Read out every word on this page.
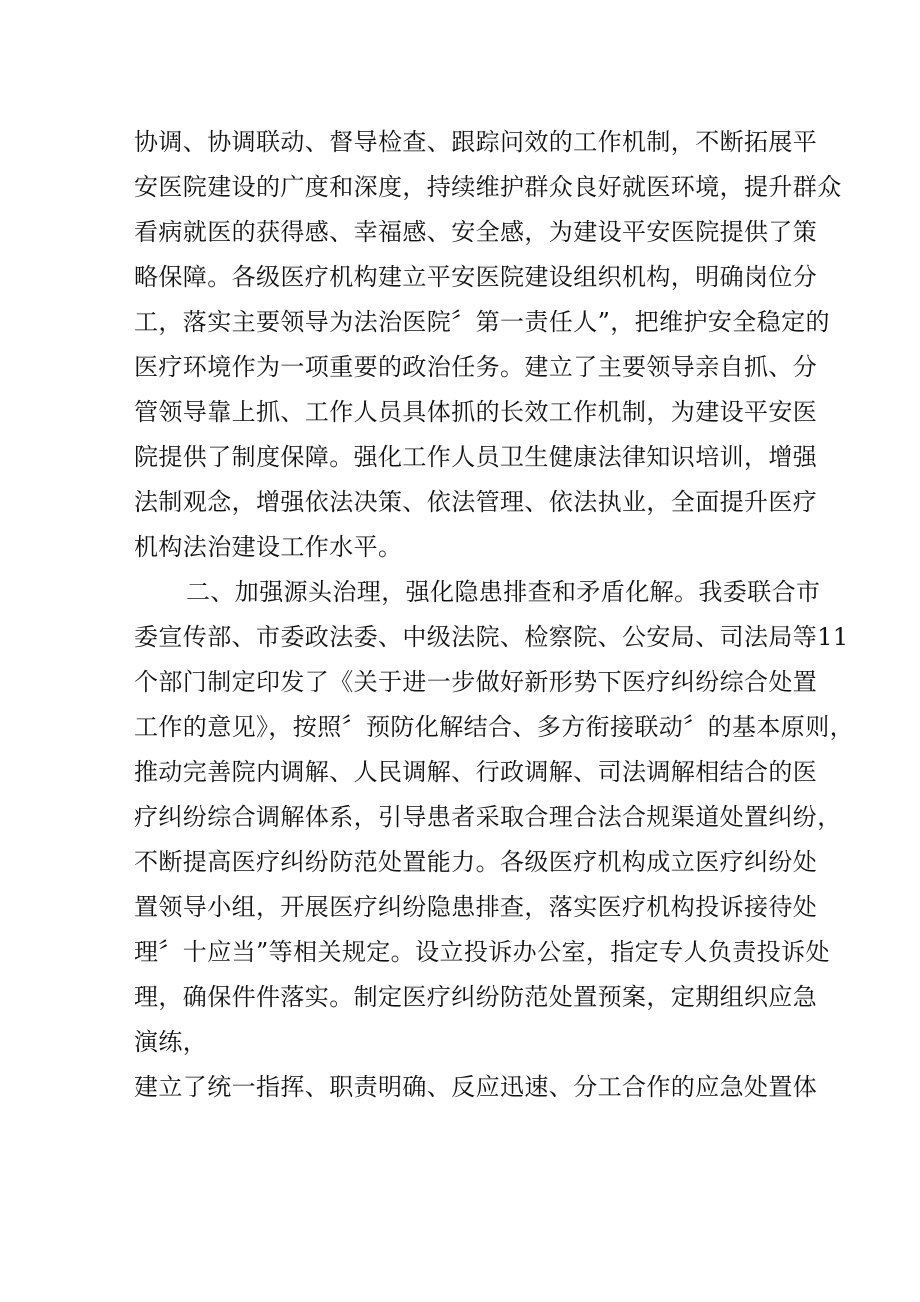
协调、协调联动、督导检查、跟踪问效的工作机制，不断拓展平
安医院建设的广度和深度，持续维护群众良好就医环境，提升群众
看病就医的获得感、幸福感、安全感，为建设平安医院提供了策
略保障。各级医疗机构建立平安医院建设组织机构，明确岗位分
工，落实主要领导为法治医院〞第一责任人”，把维护安全稳定的
医疗环境作为一项重要的政治任务。建立了主要领导亲自抓、分
管领导靠上抓、工作人员具体抓的长效工作机制，为建设平安医
院提供了制度保障。强化工作人员卫生健康法律知识培训，增强
法制观念，增强依法决策、依法管理、依法执业，全面提升医疗
机构法治建设工作水平。
二、加强源头治理，强化隐患排查和矛盾化解。我委联合市
委宣传部、市委政法委、中级法院、检察院、公安局、司法局等11
个部门制定印发了《关于进一步做好新形势下医疗纠纷综合处置
工作的意见》，按照〞预防化解结合、多方衔接联动〞的基本原则，
推动完善院内调解、人民调解、行政调解、司法调解相结合的医
疗纠纷综合调解体系，引导患者采取合理合法合规渠道处置纠纷，
不断提高医疗纠纷防范处置能力。各级医疗机构成立医疗纠纷处
置领导小组，开展医疗纠纷隐患排查，落实医疗机构投诉接待处
理〞十应当”等相关规定。设立投诉办公室，指定专人负责投诉处
理，确保件件落实。制定医疗纠纷防范处置预案，定期组织应急
演练，
建立了统一指挥、职责明确、反应迅速、分工合作的应急处置体
